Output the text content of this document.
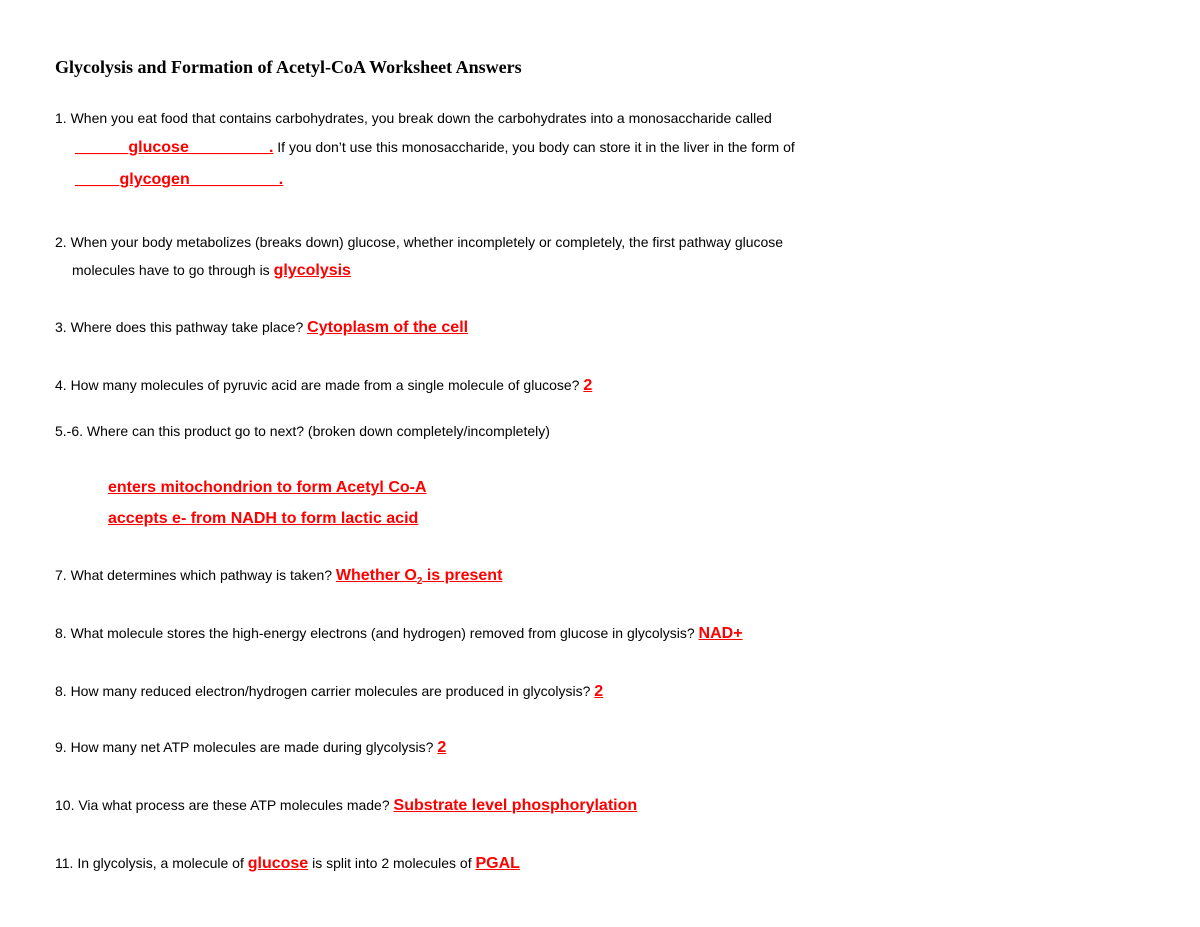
Glycolysis and Formation of Acetyl-CoA Worksheet Answers
1. When you eat food that contains carbohydrates, you break down the carbohydrates into a monosaccharide called
______glucose_________. If you don’t use this monosaccharide, you body can store it in the liver in the form of
_____glycogen__________.
2. When your body metabolizes (breaks down) glucose, whether incompletely or completely, the first pathway glucose
molecules have to go through is glycolysis
3. Where does this pathway take place? Cytoplasm of the cell
4. How many molecules of pyruvic acid are made from a single molecule of glucose? 2
5.-6. Where can this product go to next? (broken down completely/incompletely)
enters mitochondrion to form Acetyl Co-A
accepts e- from NADH to form lactic acid
7. What determines which pathway is taken? Whether $O_2$ is present
8. What molecule stores the high-energy electrons (and hydrogen) removed from glucose in glycolysis? NAD+
8. How many reduced electron/hydrogen carrier molecules are produced in glycolysis? 2
9. How many net ATP molecules are made during glycolysis? 2
10. Via what process are these ATP molecules made? Substrate level phosphorylation
11. In glycolysis, a molecule of glucose is split into 2 molecules of PGAL
